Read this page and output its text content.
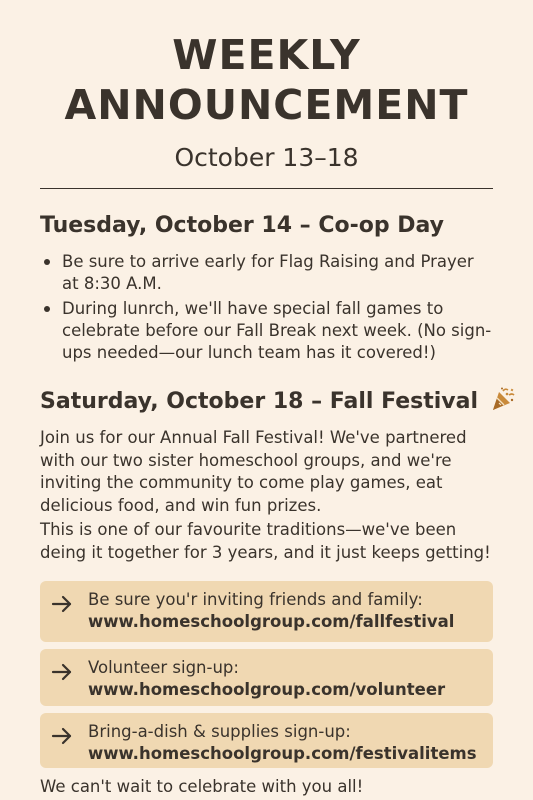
WEEKLY
ANNOUNCEMENT
October 13–18
Tuesday, October 14 – Co-op Day
Be sure to arrive early for Flag Raising and Prayer at 8:30 A.M.
During lunrch, we'll have special fall games to celebrate before our Fall Break next week. (No sign-ups needed—our lunch team has it covered!)
Saturday, October 18 – Fall Festival

Join us for our Annual Fall Festival! We've partnered with our two sister homeschool groups, and we're inviting the community to come play games, eat delicious food, and win fun prizes.

This is one of our favourite traditions—we've been deing it together for 3 years, and it just keeps getting!

Be sure you'r inviting friends and family:
www.homeschoolgroup.com/fallfestival
Volunteer sign-up: www.homeschoolgroup.com/volunteer
Bring-a-dish & supplies sign-up:
www.homeschoolgroup.com/festivalitems
We can't wait to celebrate with you all!
